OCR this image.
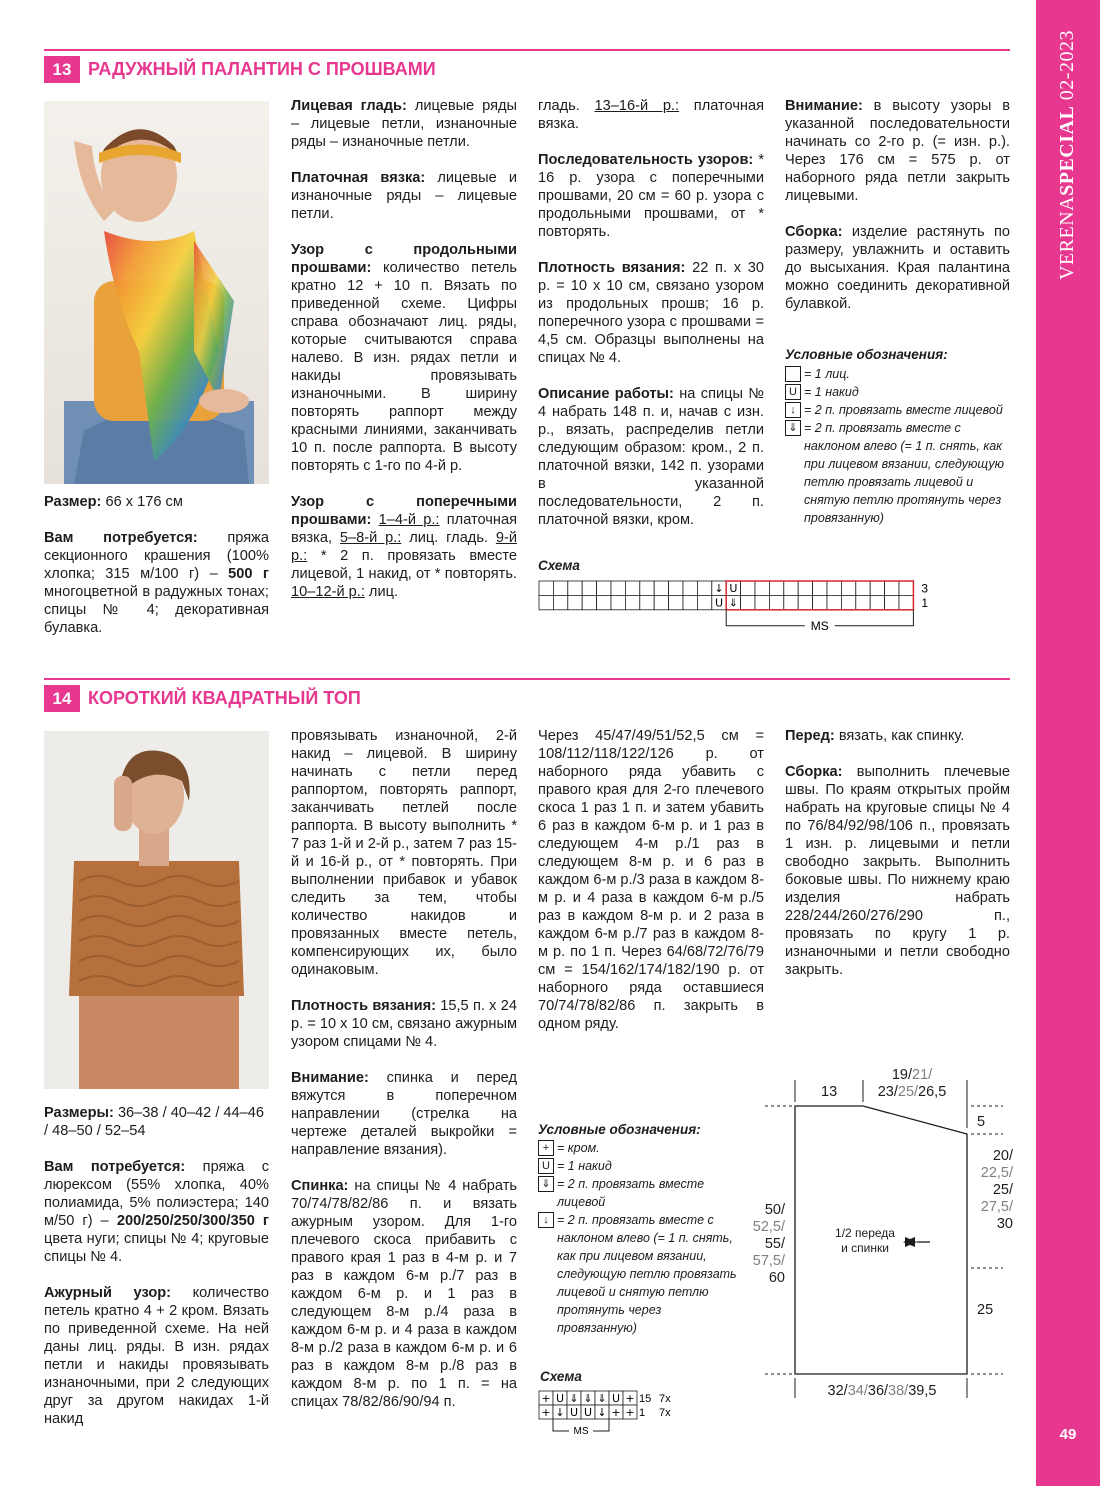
VERENASPECIAL 02-2023
49
13 РАДУЖНЫЙ ПАЛАНТИН С ПРОШВАМИ

Размер: 66 х 176 см

Вам потребуется: пряжа секционного крашения (100% хлопка; 315 м/100 г) – 500 г многоцветной в радужных тонах; спицы № 4; декоративная булавка.

Лицевая гладь: лицевые ряды – лицевые петли, изнаночные ряды – изнаночные петли.

Платочная вязка: лицевые и изнаночные ряды – лицевые петли.

Узор с продольными прошвами: количество петель кратно 12 + 10 п. Вязать по приведенной схеме. Цифры справа обозначают лиц. ряды, которые считываются справа налево. В изн. рядах петли и накиды провязывать изнаночными. В ширину повторять раппорт между красными линиями, заканчивать 10 п. после раппорта. В высоту повторять с 1-го по 4-й р.

Узор с поперечными прошвами: 1–4-й р.: платочная вязка, 5–8-й р.: лиц. гладь. 9-й р.: * 2 п. провязать вместе лицевой, 1 накид, от * повторять. 10–12-й р.: лиц.

гладь. 13–16-й р.: платочная вязка.

Последовательность узоров: * 16 р. узора с поперечными прошвами, 20 см = 60 р. узора с продольными прошвами, от * повторять.

Плотность вязания: 22 п. х 30 р. = 10 х 10 см, связано узором из продольных прошв; 16 р. поперечного узора с прошвами = 4,5 см. Образцы выполнены на спицах № 4.

Описание работы: на спицы № 4 набрать 148 п. и, начав с изн. р., вязать, распределив петли следующим образом: кром., 2 п. платочной вязки, 142 п. узорами в указанной последовательности, 2 п. платочной вязки, кром.

Внимание: в высоту узоры в указанной последовательности начинать со 2-го р. (= изн. р.). Через 176 см = 575 р. от наборного ряда петли закрыть лицевыми.

Сборка: изделие растянуть по размеру, увлажнить и оставить до высыхания. Края палантина можно соединить декоративной булавкой.

Условные обозначения:
= 1 лиц.
U = 1 накид
↓ = 2 п. провязать вместе лицевой
⇓ = 2 п. провязать вместе с наклоном влево (= 1 п. снять, как при лицевом вязании, следующую петлю провязать лицевой и снятую петлю протянуть через провязанную)
Схема
↓ U
U ⇓
3
1
MS
14 КОРОТКИЙ КВАДРАТНЫЙ ТОП

Размеры: 36–38 / 40–42 / 44–46 / 48–50 / 52–54

Вам потребуется: пряжа с люрексом (55% хлопка, 40% полиамида, 5% полиэстера; 140 м/50 г) – 200/250/250/300/350 г цвета нуги; спицы № 4; круговые спицы № 4.

Ажурный узор: количество петель кратно 4 + 2 кром. Вязать по приведенной схеме. На ней даны лиц. ряды. В изн. рядах петли и накиды провязывать изнаночными, при 2 следующих друг за другом накидах 1-й накид

провязывать изнаночной, 2-й накид – лицевой. В ширину начинать с петли перед раппортом, повторять раппорт, заканчивать петлей после раппорта. В высоту выполнить * 7 раз 1-й и 2-й р., затем 7 раз 15-й и 16-й р., от * повторять. При выполнении прибавок и убавок следить за тем, чтобы количество накидов и провязанных вместе петель, компенсирующих их, было одинаковым.

Плотность вязания: 15,5 п. х 24 р. = 10 х 10 см, связано ажурным узором спицами № 4.

Внимание: спинка и перед вяжутся в поперечном направлении (стрелка на чертеже деталей выкройки = направление вязания).

Спинка: на спицы № 4 набрать 70/74/78/82/86 п. и вязать ажурным узором. Для 1-го плечевого скоса прибавить с правого края 1 раз в 4-м р. и 7 раз в каждом 6-м р./7 раз в каждом 6-м р. и 1 раз в следующем 8-м р./4 раза в каждом 6-м р. и 4 раза в каждом 8-м р./2 раза в каждом 6-м р. и 6 раз в каждом 8-м р./8 раз в каждом 8-м р. по 1 п. = на спицах 78/82/86/90/94 п.

Через 45/47/49/51/52,5 см = 108/112/118/122/126 р. от наборного ряда убавить с правого края для 2-го плечевого скоса 1 раз 1 п. и затем убавить 6 раз в каждом 6-м р. и 1 раз в следующем 4-м р./1 раз в следующем 8-м р. и 6 раз в каждом 6-м р./3 раза в каждом 8-м р. и 4 раза в каждом 6-м р./5 раз в каждом 8-м р. и 2 раза в каждом 6-м р./7 раз в каждом 8-м р. по 1 п. Через 64/68/72/76/79 см = 154/162/174/182/190 р. от наборного ряда оставшиеся 70/74/78/82/86 п. закрыть в одном ряду.

Перед: вязать, как спинку.

Сборка: выполнить плечевые швы. По краям открытых пройм набрать на круговые спицы № 4 по 76/84/92/98/106 п., провязать 1 изн. р. лицевыми и петли свободно закрыть. Выполнить боковые швы. По нижнему краю изделия набрать 228/244/260/276/290 п., провязать по кругу 1 р. изнаночными и петли свободно закрыть.

Условные обозначения:
+ = кром.
U = 1 накид
⇓ = 2 п. провязать вместе лицевой
↓ = 2 п. провязать вместе с наклоном влево (= 1 п. снять, как при лицевом вязании, следующую петлю провязать лицевой и снятую петлю протянуть через провязанную)
Схема
+ U ⇓ ⇓ ⇓ U + 15 7x
+ ↓ U U ↓ + + 1 7x
MS
13
19/21/
23/25/26,5
5
20/
22,5/
25/
27,5/
30
25
50/
52,5/
55/
57,5/
60
1/2 переда
и спинки
32/34/36/38/39,5
